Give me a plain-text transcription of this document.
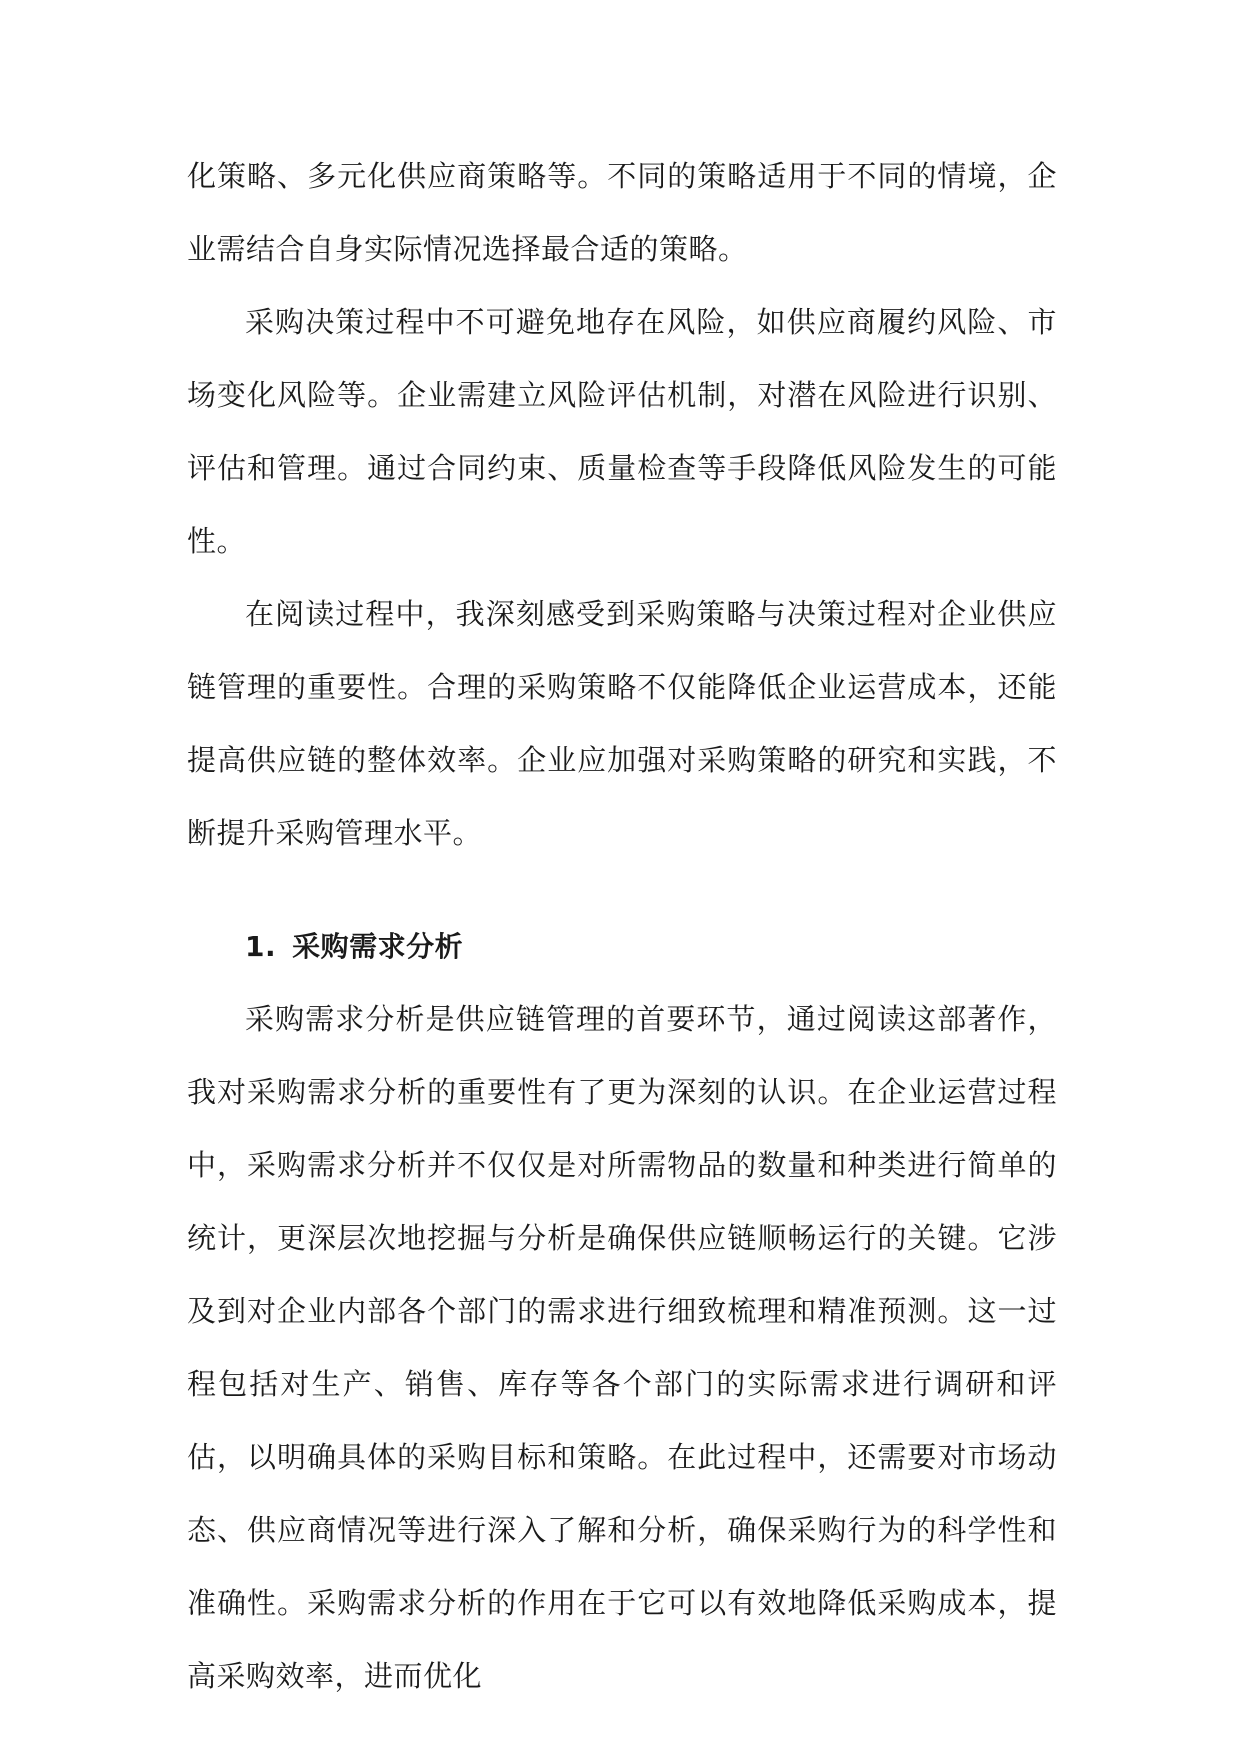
化策略、多元化供应商策略等。不同的策略适用于不同的情境，企业需结合自身实际情况选择最合适的策略。

采购决策过程中不可避免地存在风险，如供应商履约风险、市场变化风险等。企业需建立风险评估机制，对潜在风险进行识别、评估和管理。通过合同约束、质量检查等手段降低风险发生的可能性。

在阅读过程中，我深刻感受到采购策略与决策过程对企业供应链管理的重要性。合理的采购策略不仅能降低企业运营成本，还能提高供应链的整体效率。企业应加强对采购策略的研究和实践，不断提升采购管理水平。

1. 采购需求分析

采购需求分析是供应链管理的首要环节，通过阅读这部著作，我对采购需求分析的重要性有了更为深刻的认识。在企业运营过程中，采购需求分析并不仅仅是对所需物品的数量和种类进行简单的统计，更深层次地挖掘与分析是确保供应链顺畅运行的关键。它涉及到对企业内部各个部门的需求进行细致梳理和精准预测。这一过程包括对生产、销售、库存等各个部门的实际需求进行调研和评估，以明确具体的采购目标和策略。在此过程中，还需要对市场动态、供应商情况等进行深入了解和分析，确保采购行为的科学性和准确性。采购需求分析的作用在于它可以有效地降低采购成本，提高采购效率，进而优化
